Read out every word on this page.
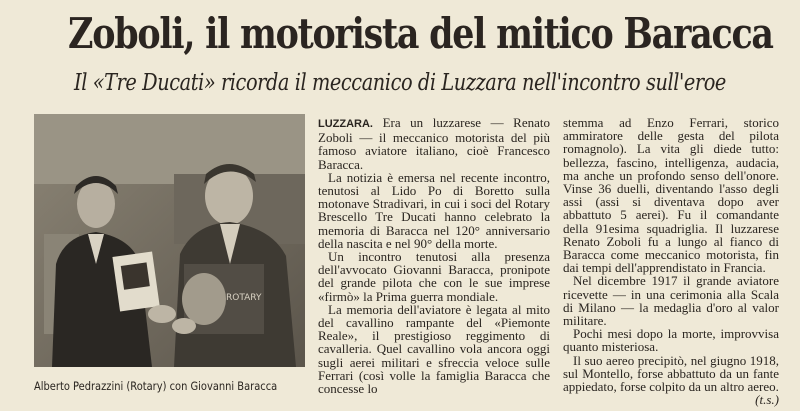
Zoboli, il motorista del mitico Baracca
Il «Tre Ducati» ricorda il meccanico di Luzzara nell'incontro sull'eroe
ROTARY
Alberto Pedrazzini (Rotary) con Giovanni Baracca

LUZZARA. Era un luzzarese — Renato Zoboli — il meccanico motorista del più famoso aviatore italiano, cioè Francesco Baracca.

La notizia è emersa nel recente incontro, tenutosi al Lido Po di Boretto sulla motonave Stradivari, in cui i soci del Rotary Brescello Tre Ducati hanno celebrato la memoria di Baracca nel 120° anniversario della nascita e nel 90° della morte.

Un incontro tenutosi alla presenza dell'avvocato Giovanni Baracca, pronipote del grande pilota che con le sue imprese «firmò» la Prima guerra mondiale.

La memoria dell'aviatore è legata al mito del cavallino rampante del «Piemonte Reale», il prestigioso reggimento di cavalleria. Quel cavallino vola ancora oggi sugli aerei militari e sfreccia veloce sulle Ferrari (così volle la famiglia Baracca che concesse lo

stemma ad Enzo Ferrari, storico ammiratore delle gesta del pilota romagnolo). La vita gli diede tutto: bellezza, fascino, intelligenza, audacia, ma anche un profondo senso dell'onore. Vinse 36 duelli, diventando l'asso degli assi (assi si diventava dopo aver abbattuto 5 aerei). Fu il comandante della 91esima squadriglia. Il luzzarese Renato Zoboli fu a lungo al fianco di Baracca come meccanico motorista, fin dai tempi dell'apprendistato in Francia.

Nel dicembre 1917 il grande aviatore ricevette — in una cerimonia alla Scala di Milano — la medaglia d'oro al valor militare.

Pochi mesi dopo la morte, improvvisa quanto misteriosa.

Il suo aereo precipitò, nel giugno 1918, sul Montello, forse abbattuto da un fante appiedato, forse colpito da un altro aereo.

(t.s.)
